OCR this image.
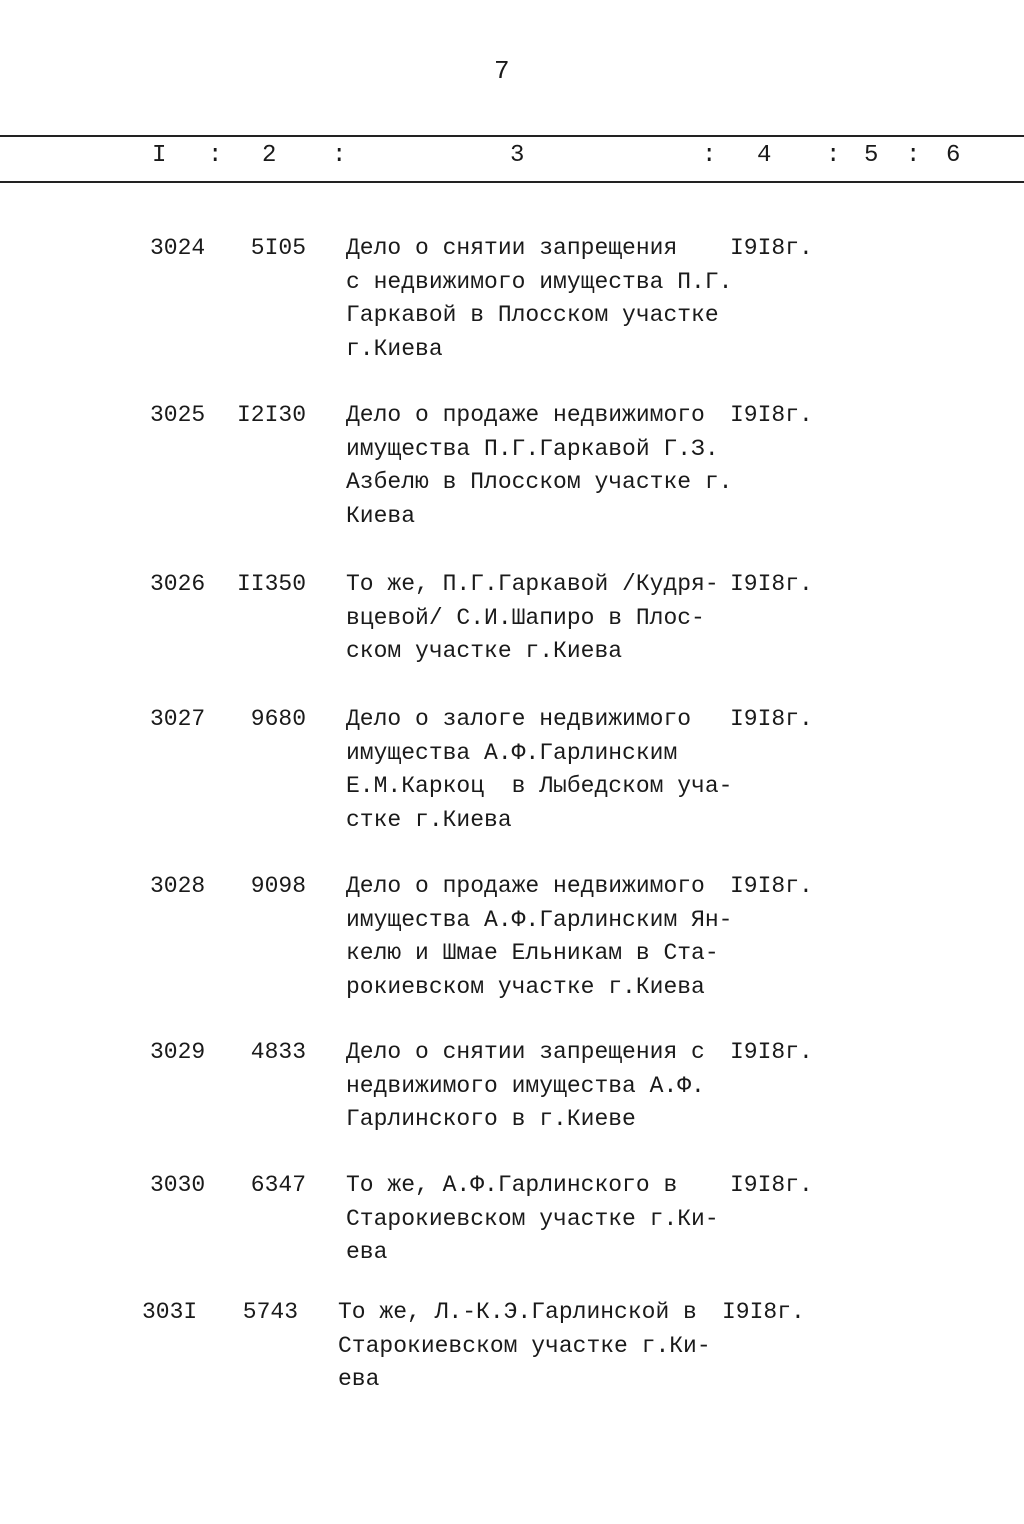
7
I : 2 :	3	: 4 : 5 : 6
3024	5I05 Дело о снятии запрещения
с недвижимого имущества П.Г.
Гаркавой в Плосском участке
г.Киева
I9I8г.
3025	I2I30 Дело о продаже недвижимого
имущества П.Г.Гаркавой Г.З.
Азбелю в Плосском участке г.
Киева
I9I8г.
3026	II350 То же, П.Г.Гаркавой /Кудря-
вцевой/ С.И.Шапиро в Плос-
ском участке г.Киева
I9I8г.
3027	9680 Дело о залоге недвижимого
имущества А.Ф.Гарлинским
Е.М.Каркоц  в Лыбедском уча-
стке г.Киева
I9I8г.
3028	9098 Дело о продаже недвижимого
имущества А.Ф.Гарлинским Ян-
келю и Шмае Ельникам в Ста-
рокиевском участке г.Киева
I9I8г.
3029	4833 Дело о снятии запрещения с
недвижимого имущества А.Ф.
Гарлинского в г.Киеве
I9I8г.
3030	6347 То же, А.Ф.Гарлинского в
Старокиевском участке г.Ки-
ева
I9I8г.
303I	5743 То же, Л.-К.Э.Гарлинской в
Старокиевском участке г.Ки-
ева
I9I8г.
